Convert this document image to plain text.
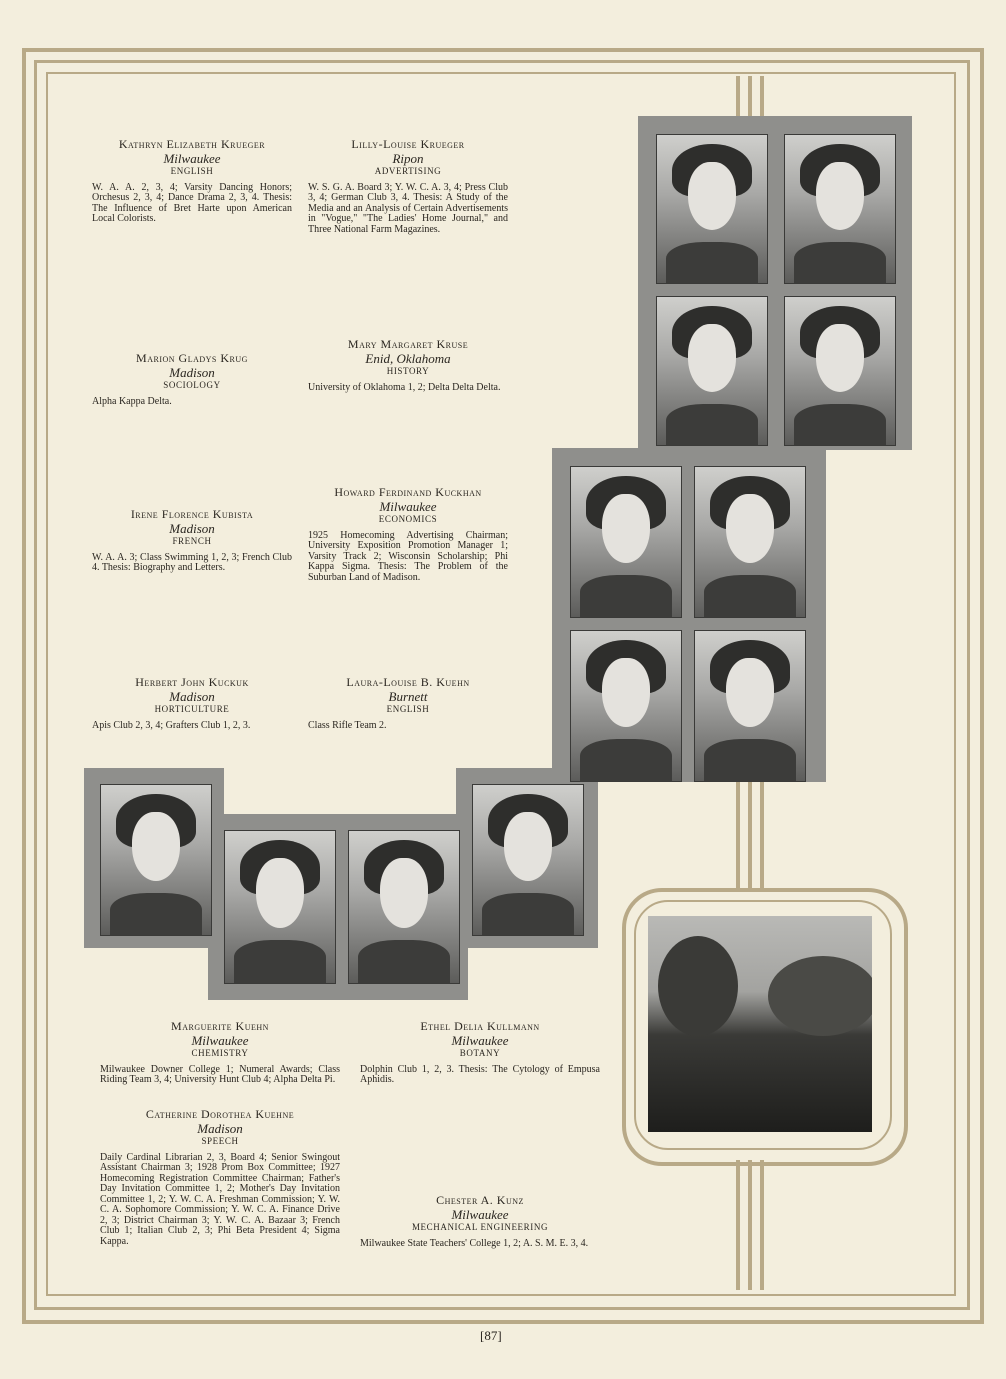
Kathryn Elizabeth Krueger
Milwaukee
ENGLISH
W. A. A. 2, 3, 4; Varsity Dancing Honors; Orchesus 2, 3, 4; Dance Drama 2, 3, 4. Thesis: The Influence of Bret Harte upon American Local Colorists.
Lilly-Louise Krueger
Ripon
ADVERTISING
W. S. G. A. Board 3; Y. W. C. A. 3, 4; Press Club 3, 4; German Club 3, 4. Thesis: A Study of the Media and an Analysis of Certain Advertisements in "Vogue," "The Ladies' Home Journal," and Three National Farm Magazines.
Marion Gladys Krug
Madison
SOCIOLOGY
Alpha Kappa Delta.
Mary Margaret Kruse
Enid, Oklahoma
HISTORY
University of Oklahoma 1, 2; Delta Delta Delta.
Irene Florence Kubista
Madison
FRENCH
W. A. A. 3; Class Swimming 1, 2, 3; French Club 4. Thesis: Biography and Letters.
Howard Ferdinand Kuckhan
Milwaukee
ECONOMICS
1925 Homecoming Advertising Chairman; University Exposition Promotion Manager 1; Varsity Track 2; Wisconsin Scholarship; Phi Kappa Sigma. Thesis: The Problem of the Suburban Land of Madison.
Herbert John Kuckuk
Madison
HORTICULTURE
Apis Club 2, 3, 4; Grafters Club 1, 2, 3.
Laura-Louise B. Kuehn
Burnett
ENGLISH
Class Rifle Team 2.
Marguerite Kuehn
Milwaukee
CHEMISTRY
Milwaukee Downer College 1; Numeral Awards; Class Riding Team 3, 4; University Hunt Club 4; Alpha Delta Pi.
Ethel Delia Kullmann
Milwaukee
BOTANY
Dolphin Club 1, 2, 3. Thesis: The Cytology of Empusa Aphidis.
Catherine Dorothea Kuehne
Madison
SPEECH
Daily Cardinal Librarian 2, 3, Board 4; Senior Swingout Assistant Chairman 3; 1928 Prom Box Committee; 1927 Homecoming Registration Committee Chairman; Father's Day Invitation Committee 1, 2; Mother's Day Invitation Committee 1, 2; Y. W. C. A. Freshman Commission; Y. W. C. A. Sophomore Commission; Y. W. C. A. Finance Drive 2, 3; District Chairman 3; Y. W. C. A. Bazaar 3; French Club 1; Italian Club 2, 3; Phi Beta President 4; Sigma Kappa.
Chester A. Kunz
Milwaukee
MECHANICAL ENGINEERING
Milwaukee State Teachers' College 1, 2; A. S. M. E. 3, 4.
[87]
